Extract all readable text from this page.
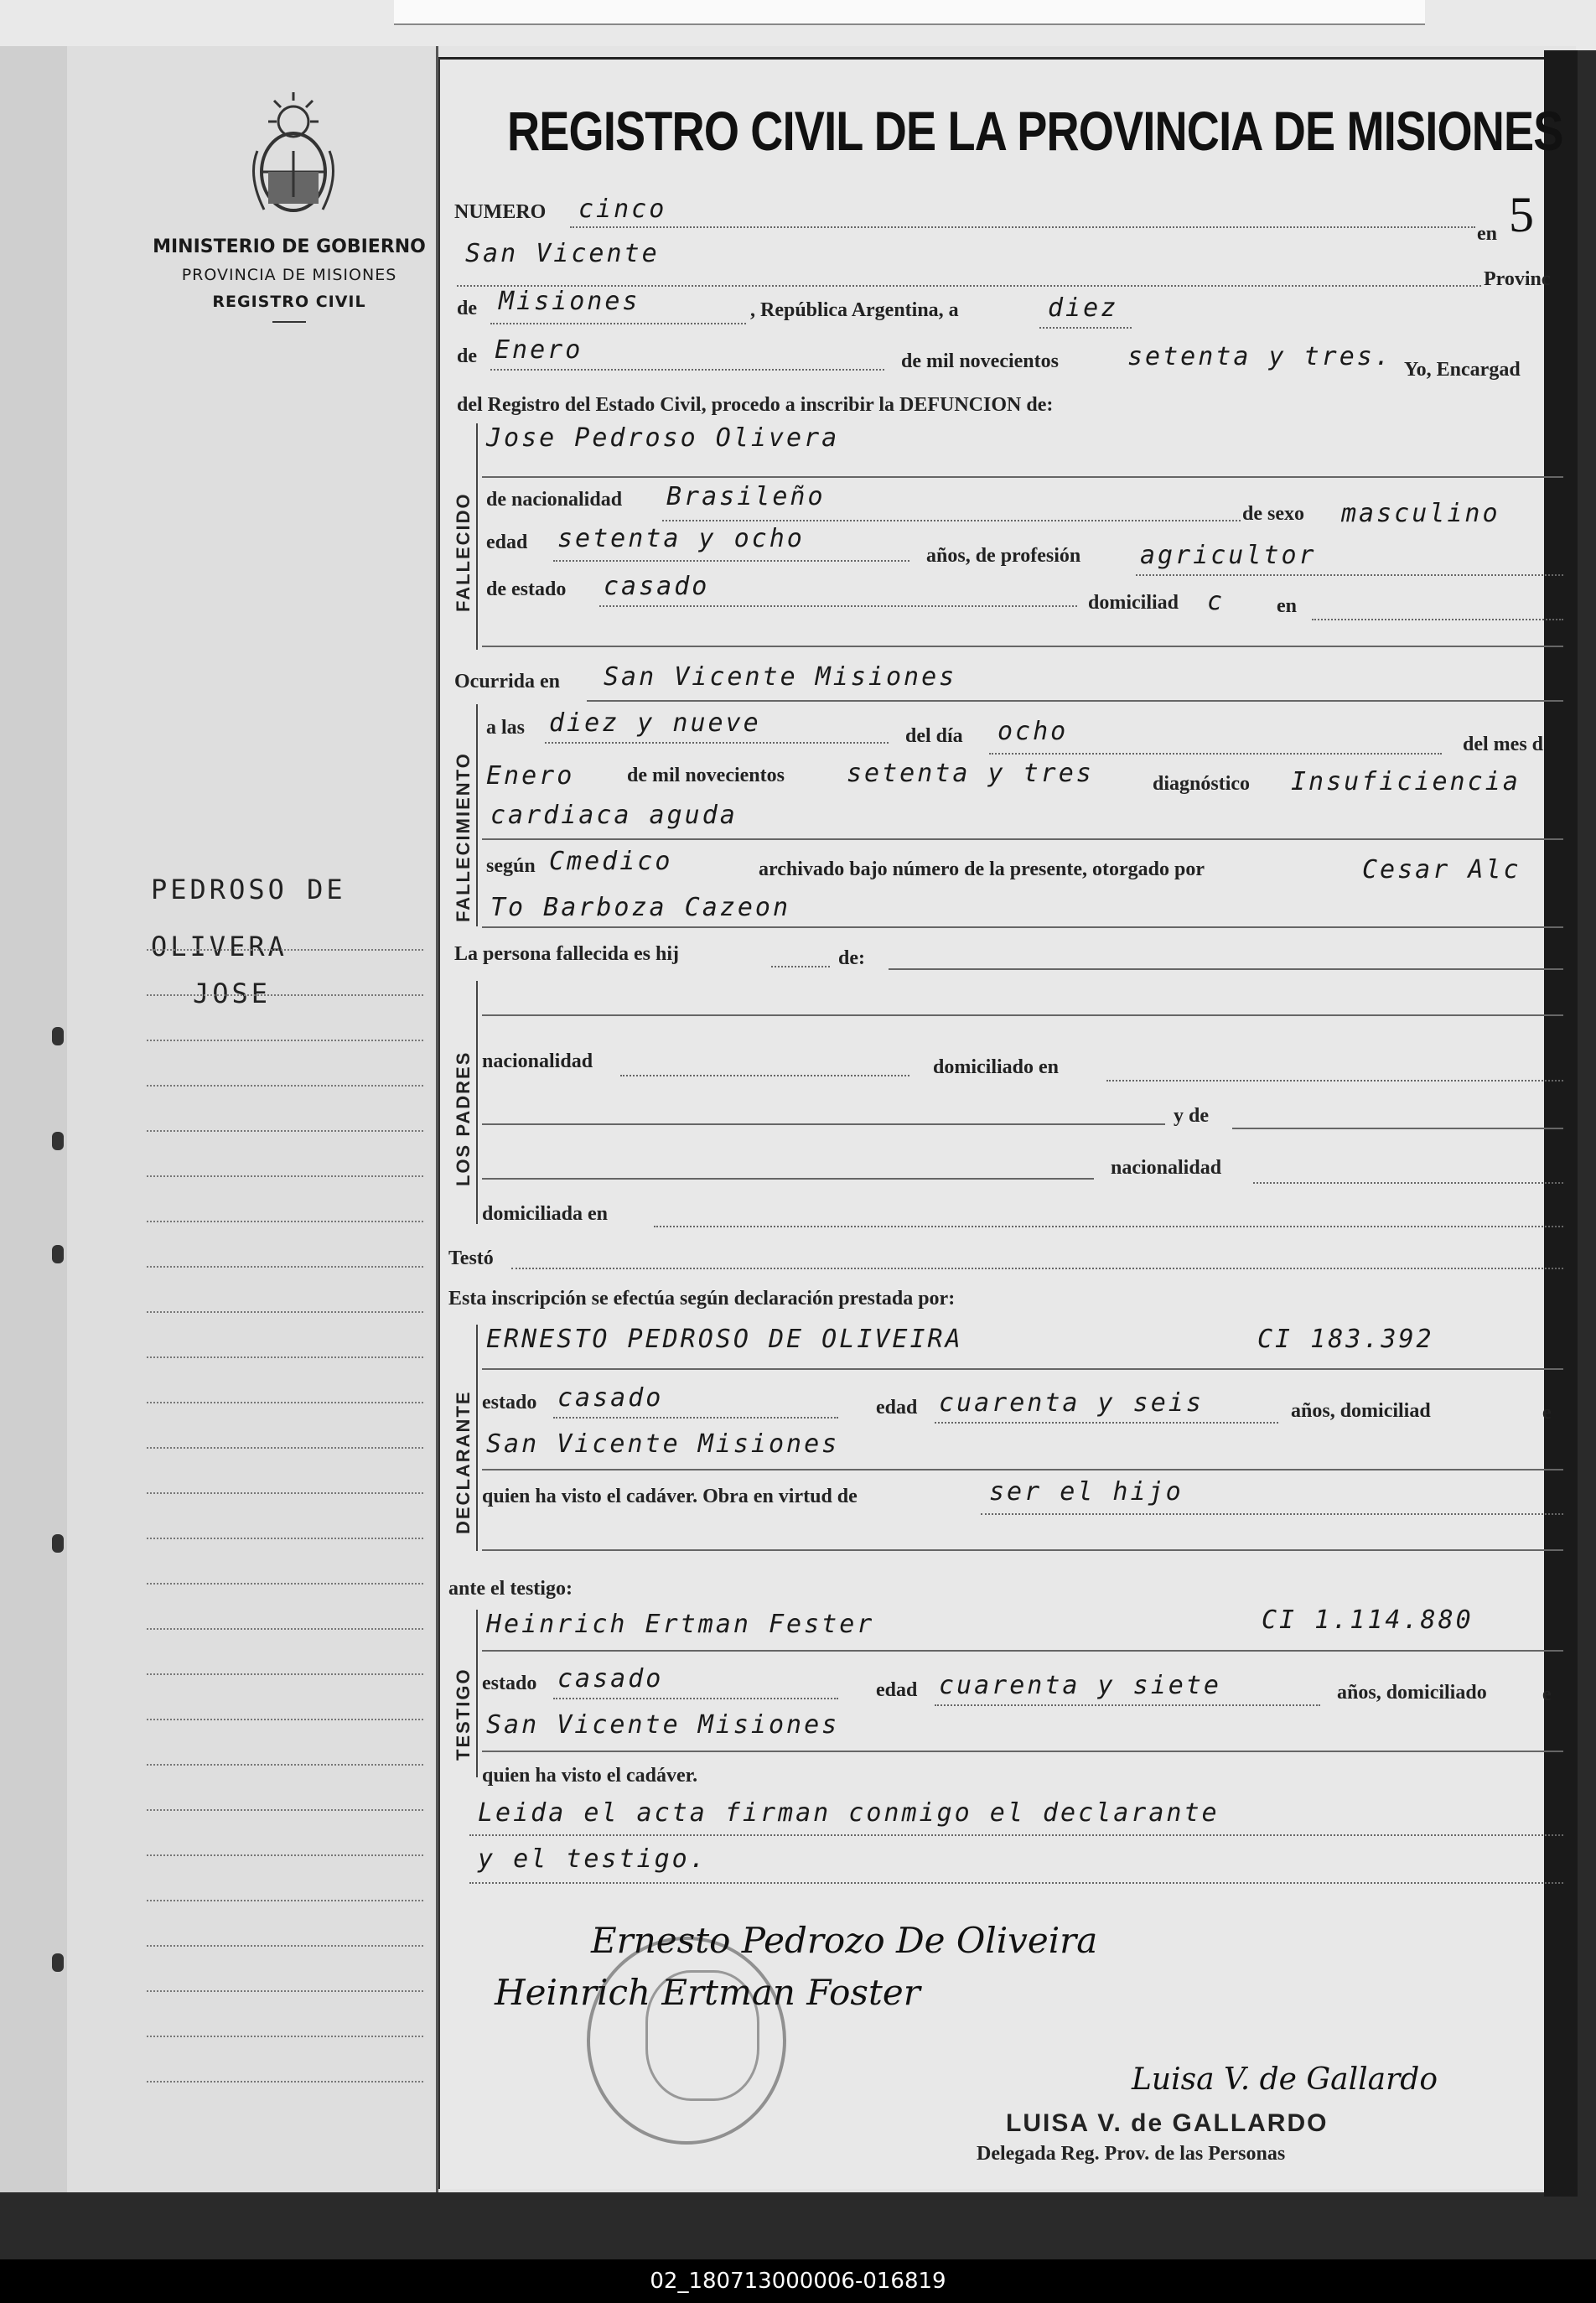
MINISTERIO DE GOBIERNO
PROVINCIA DE MISIONES
REGISTRO CIVIL
PEDROSO DE
OLIVERA
JOSE
REGISTRO CIVIL DE LA PROVINCIA DE MISIONES
NUMERO cinco
en 5
San Vicente
Provinc
de Misiones	, República Argentina, a	diez
de Enero	de mil novecientos	setenta y tres. Yo, Encargad
del Registro del Estado Civil, procedo a inscribir la DEFUNCION de:
FALLECIDO
Jose Pedroso Olivera
de nacionalidad Brasileño
de sexo masculino
edad setenta y ocho
años, de profesión agricultor
de estado casado
domiciliad c	en
Ocurrida en San Vicente Misiones
FALLECIMIENTO
a las diez y nueve	del día ocho	del mes d
Enero	de mil novecientos setenta y tres	diagnóstico Insuficiencia
cardiaca aguda
según Cmedico	archivado bajo número de la presente, otorgado por	Cesar Alc
To Barboza Cazeon
La persona fallecida es hij	de:
LOS PADRES nacionalidad	domiciliado en
y de
nacionalidad
domiciliada en
Testó
Esta inscripción se efectúa según declaración prestada por:
DECLARANTE
ERNESTO PEDROSO DE OLIVEIRA	CI 183.392
estado casado	edad cuarenta y seis	años, domiciliad	e
San Vicente Misiones
quien ha visto el cadáver. Obra en virtud de	ser el hijo
ante el testigo:
TESTIGO
Heinrich Ertman Fester	CI 1.114.880
estado casado	edad cuarenta y siete	años, domiciliado	e
San Vicente Misiones
quien ha visto el cadáver.
Leida el acta firman conmigo el declarante
y el testigo.
Ernesto Pedrozo De Oliveira
Heinrich Ertman Foster
Luisa V. de Gallardo
LUISA V. de GALLARDO
Delegada Reg. Prov. de las Personas
02_180713000006-016819
